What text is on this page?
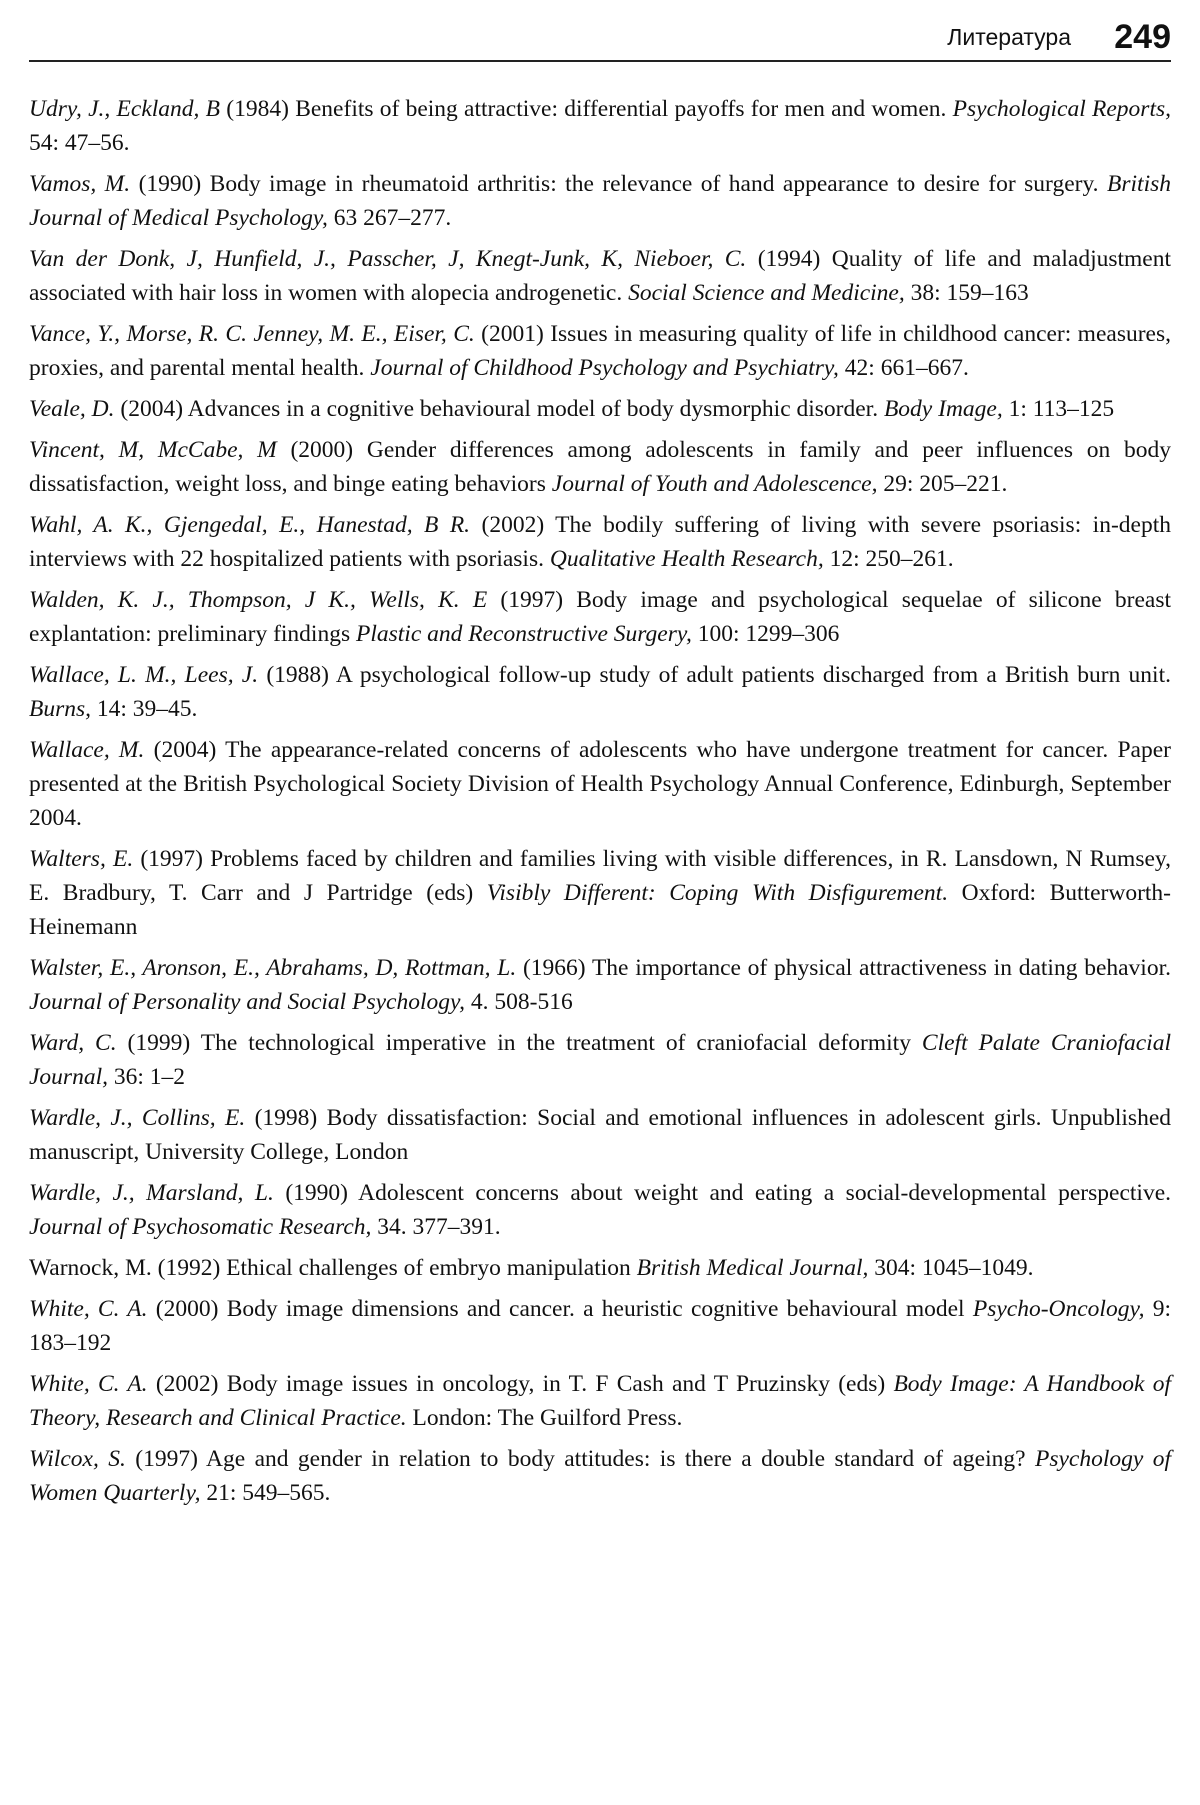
Литература 249
Udry, J., Eckland, B (1984) Benefits of being attractive: differential payoffs for men and women. Psychological Reports, 54: 47–56.
Vamos, M. (1990) Body image in rheumatoid arthritis: the relevance of hand appearance to desire for surgery. British Journal of Medical Psychology, 63 267–277.
Van der Donk, J, Hunfield, J., Passcher, J, Knegt-Junk, K, Nieboer, C. (1994) Quality of life and maladjustment associated with hair loss in women with alopecia androgenetic. Social Science and Medicine, 38: 159–163
Vance, Y., Morse, R. C. Jenney, M. E., Eiser, C. (2001) Issues in measuring quality of life in childhood cancer: measures, proxies, and parental mental health. Journal of Childhood Psychology and Psychiatry, 42: 661–667.
Veale, D. (2004) Advances in a cognitive behavioural model of body dysmorphic disorder. Body Image, 1: 113–125
Vincent, M, McCabe, M (2000) Gender differences among adolescents in family and peer influences on body dissatisfaction, weight loss, and binge eating behaviors Journal of Youth and Adolescence, 29: 205–221.
Wahl, A. K., Gjengedal, E., Hanestad, B R. (2002) The bodily suffering of living with severe psoriasis: in-depth interviews with 22 hospitalized patients with psoriasis. Qualitative Health Research, 12: 250–261.
Walden, K. J., Thompson, J K., Wells, K. E (1997) Body image and psychological sequelae of silicone breast explantation: preliminary findings Plastic and Reconstructive Surgery, 100: 1299–306
Wallace, L. M., Lees, J. (1988) A psychological follow-up study of adult patients discharged from a British burn unit. Burns, 14: 39–45.
Wallace, M. (2004) The appearance-related concerns of adolescents who have undergone treatment for cancer. Paper presented at the British Psychological Society Division of Health Psychology Annual Conference, Edinburgh, September 2004.
Walters, E. (1997) Problems faced by children and families living with visible differences, in R. Lansdown, N Rumsey, E. Bradbury, T. Carr and J Partridge (eds) Visibly Different: Coping With Disfigurement. Oxford: Butterworth-Heinemann
Walster, E., Aronson, E., Abrahams, D, Rottman, L. (1966) The importance of physical attractiveness in dating behavior. Journal of Personality and Social Psychology, 4. 508-516
Ward, C. (1999) The technological imperative in the treatment of craniofacial deformity Cleft Palate Craniofacial Journal, 36: 1–2
Wardle, J., Collins, E. (1998) Body dissatisfaction: Social and emotional influences in adolescent girls. Unpublished manuscript, University College, London
Wardle, J., Marsland, L. (1990) Adolescent concerns about weight and eating a social-developmental perspective. Journal of Psychosomatic Research, 34. 377–391.
Warnock, M. (1992) Ethical challenges of embryo manipulation British Medical Journal, 304: 1045–1049.
White, C. A. (2000) Body image dimensions and cancer. a heuristic cognitive behavioural model Psycho-Oncology, 9: 183–192
White, C. A. (2002) Body image issues in oncology, in T. F Cash and T Pruzinsky (eds) Body Image: A Handbook of Theory, Research and Clinical Practice. London: The Guilford Press.
Wilcox, S. (1997) Age and gender in relation to body attitudes: is there a double standard of ageing? Psychology of Women Quarterly, 21: 549–565.
